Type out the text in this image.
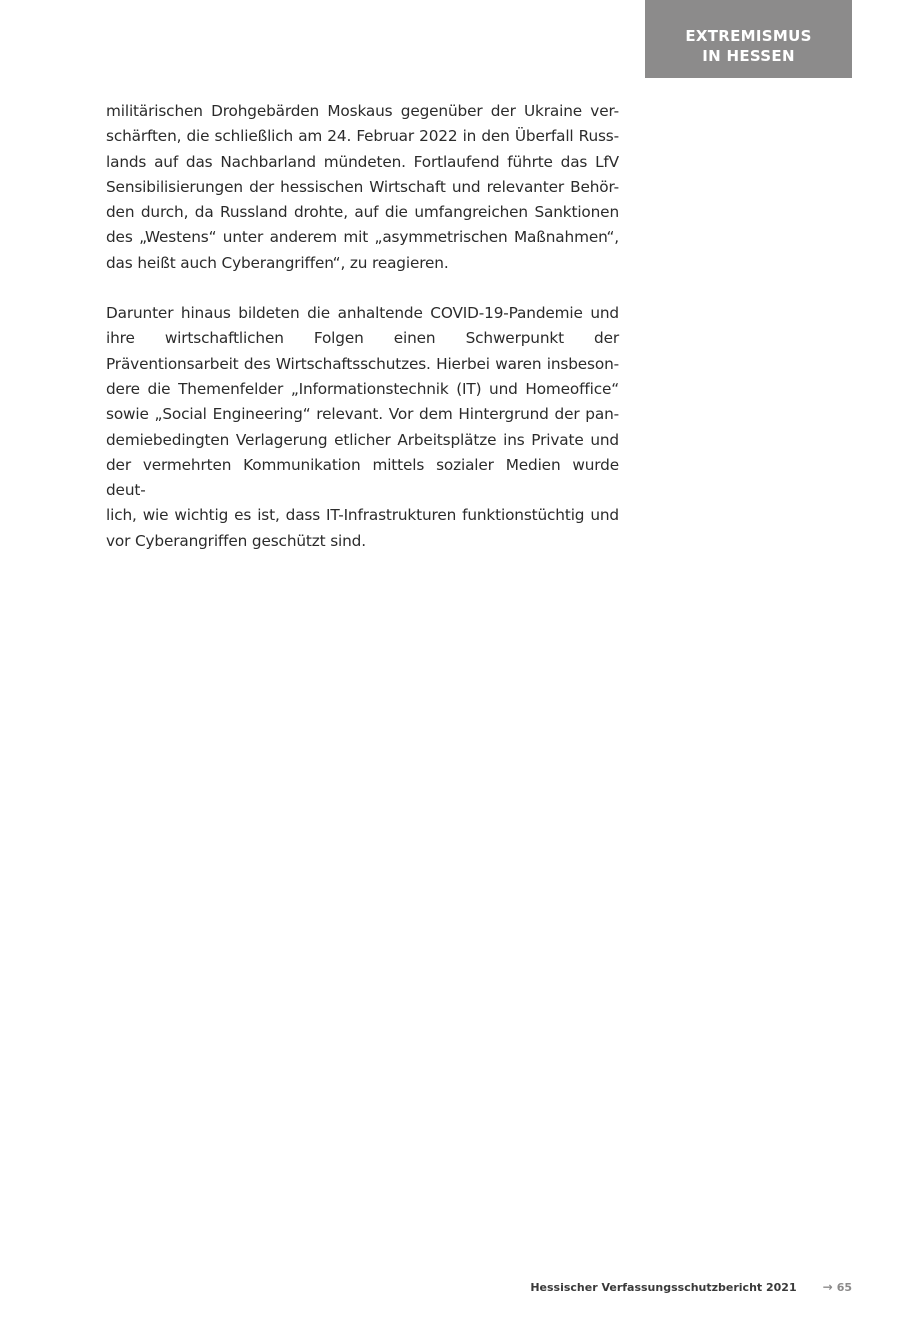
EXTREMISMUS
IN HESSEN

militärischen Drohgebärden Moskaus gegenüber der Ukraine ver-
schärften, die schließlich am 24. Februar 2022 in den Überfall Russ-
lands auf das Nachbarland mündeten. Fortlaufend führte das LfV
Sensibilisierungen der hessischen Wirtschaft und relevanter Behör-
den durch, da Russland drohte, auf die umfangreichen Sanktionen
des „Westens“ unter anderem mit „asymmetrischen Maßnahmen“,
das heißt auch Cyberangriffen“, zu reagieren.

Darunter hinaus bildeten die anhaltende COVID-19-Pandemie und
ihre wirtschaftlichen Folgen einen Schwerpunkt der
Präventionsarbeit des Wirtschaftsschutzes. Hierbei waren insbeson-
dere die Themenfelder „Informationstechnik (IT) und Homeoffice“
sowie „Social Engineering“ relevant. Vor dem Hintergrund der pan-
demiebedingten Verlagerung etlicher Arbeitsplätze ins Private und
der vermehrten Kommunikation mittels sozialer Medien wurde deut-
lich, wie wichtig es ist, dass IT-Infrastrukturen funktionstüchtig und
vor Cyberangriffen geschützt sind.

Hessischer Verfassungsschutzbericht 2021 → 65
